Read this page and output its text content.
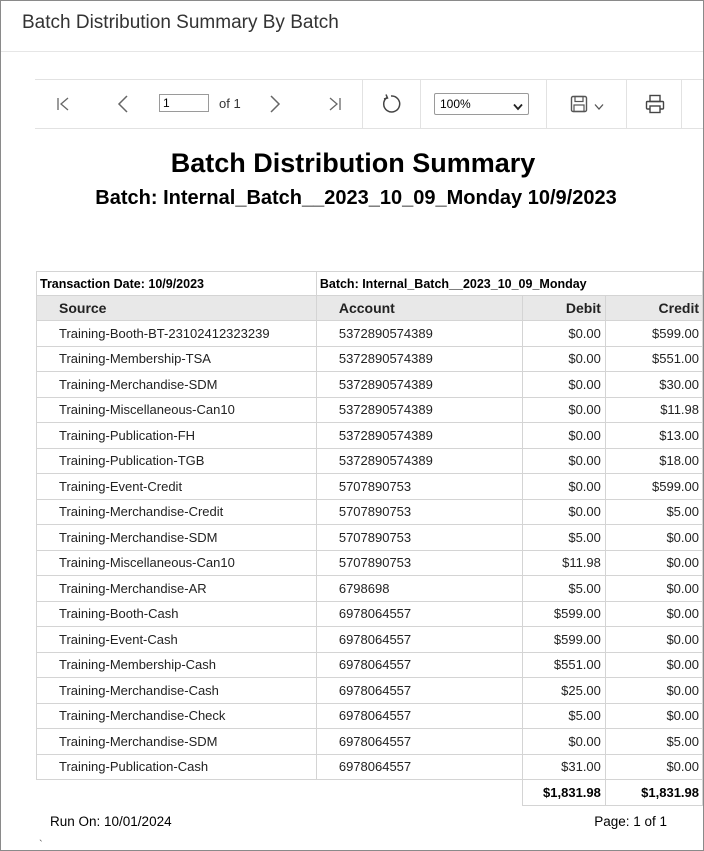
Batch Distribution Summary By Batch
1
of 1	100%
Batch Distribution Summary
Batch: Internal_Batch__2023_10_09_Monday 10/9/2023
Transaction Date: 10/9/2023	Batch: Internal_Batch__2023_10_09_Monday		
Source	Account	Debit	Credit
Training-Booth-BT-23102412323239	5372890574389	$0.00	$599.00
Training-Membership-TSA	5372890574389	$0.00	$551.00
Training-Merchandise-SDM	5372890574389	$0.00	$30.00
Training-Miscellaneous-Can10	5372890574389	$0.00	$11.98
Training-Publication-FH	5372890574389	$0.00	$13.00
Training-Publication-TGB	5372890574389	$0.00	$18.00
Training-Event-Credit	5707890753	$0.00	$599.00
Training-Merchandise-Credit	5707890753	$0.00	$5.00
Training-Merchandise-SDM	5707890753	$5.00	$0.00
Training-Miscellaneous-Can10	5707890753	$11.98	$0.00
Training-Merchandise-AR	6798698	$5.00	$0.00
Training-Booth-Cash	6978064557	$599.00	$0.00
Training-Event-Cash	6978064557	$599.00	$0.00
Training-Membership-Cash	6978064557	$551.00	$0.00
Training-Merchandise-Cash	6978064557	$25.00	$0.00
Training-Merchandise-Check	6978064557	$5.00	$0.00
Training-Merchandise-SDM	6978064557	$0.00	$5.00
Training-Publication-Cash	6978064557	$31.00	$0.00
		$1,831.98	$1,831.98
Run On: 10/01/2024	Page: 1 of 1
`
